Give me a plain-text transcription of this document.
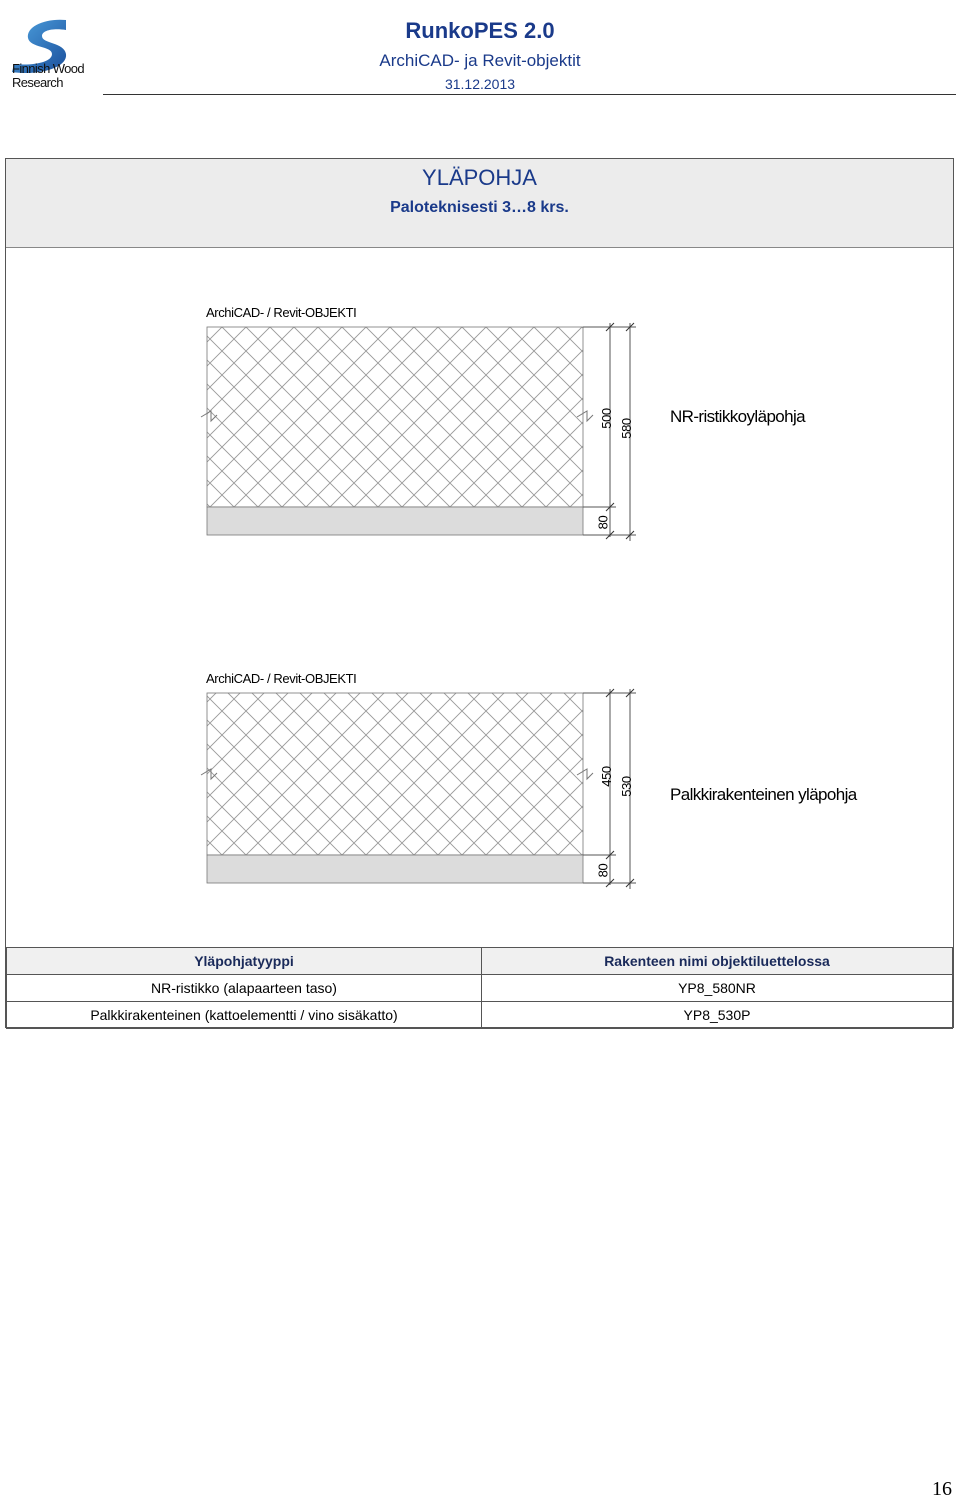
Finnish Wood
Research
RunkoPES 2.0
ArchiCAD- ja Revit-objektit
31.12.2013
YLÄPOHJA
Paloteknisesti 3…8 krs.
ArchiCAD- / Revit-OBJEKTI
500 580
80
NR-ristikkoyläpohja
ArchiCAD- / Revit-OBJEKTI
450 530
80
Palkkirakenteinen yläpohja
Yläpohjatyyppi	Rakenteen nimi objektiluettelossa
NR-ristikko (alapaarteen taso)	YP8_580NR
Palkkirakenteinen (kattoelementti / vino sisäkatto)	YP8_530P
16
